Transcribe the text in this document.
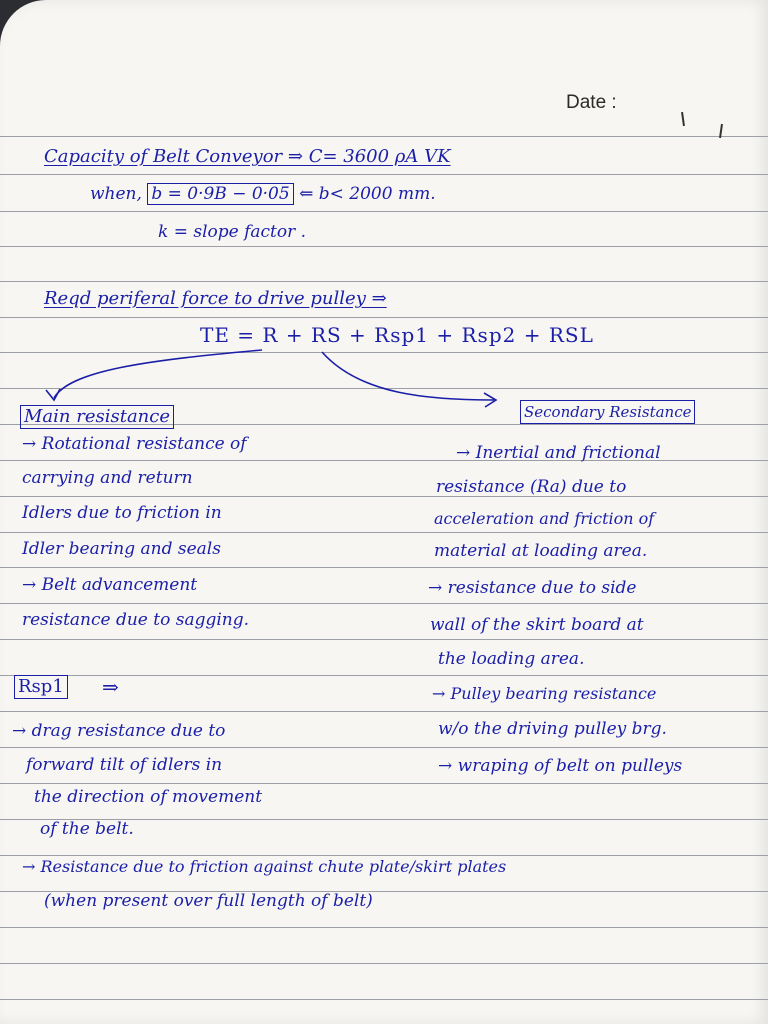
Date :
Capacity of Belt Conveyor ⇒ C= 3600 ρA VK
when, b = 0·9B − 0·05 ⇐ b< 2000 mm.
k = slope factor .
Reqd periferal force to drive pulley ⇒
TE = R + RS + Rsp1 + Rsp2 + RSL
Main resistance	Secondary Resistance
→ Rotational resistance of
carrying and return
Idlers due to friction in
Idler bearing and seals
→ Belt advancement
resistance due to sagging.
→ Inertial and frictional
resistance (Ra) due to
acceleration and friction of
material at loading area.
→ resistance due to side
wall of the skirt board at
the loading area.
→ Pulley bearing resistance
w/o the driving pulley brg.
→ wraping of belt on pulleys
Rsp1 ⇒
→ drag resistance due to
forward tilt of idlers in
the direction of movement
of the belt.
→ Resistance due to friction against chute plate/skirt plates
(when present over full length of belt)
